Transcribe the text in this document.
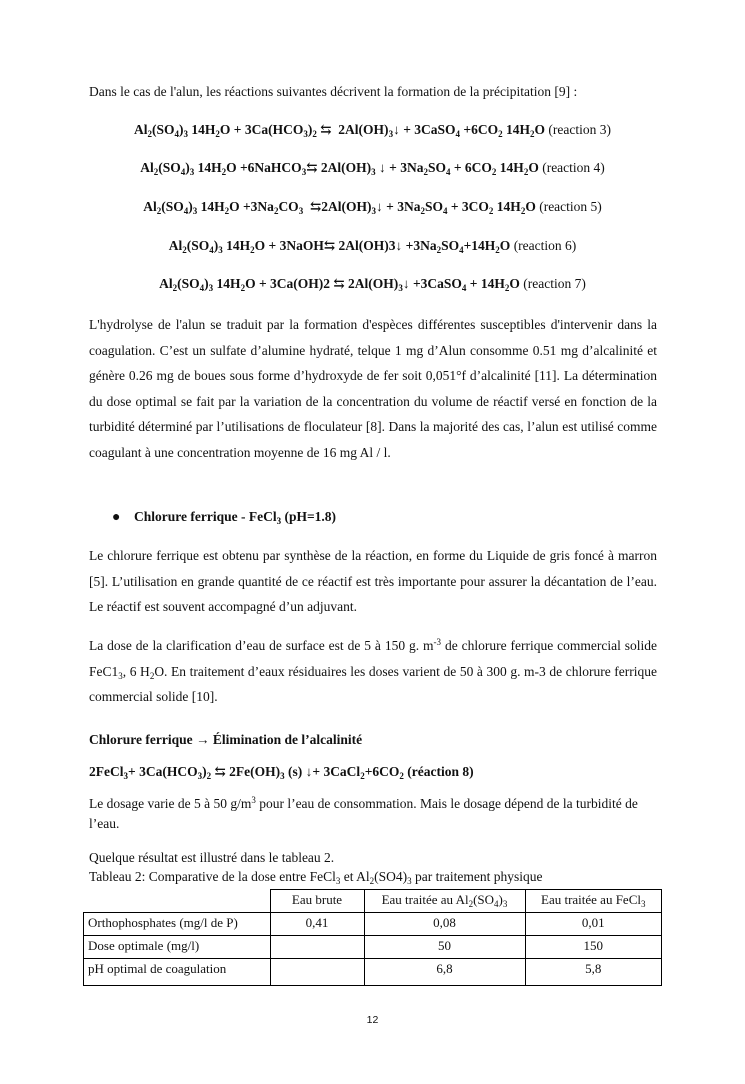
Dans le cas de l'alun, les réactions suivantes décrivent la formation de la précipitation [9] :
$Al_2(SO_4)_3$ $14H_2O + 3Ca(HCO_3)_2$ ⇆  $2Al(OH)_3↓$ + 3CaSO$_4$ $+6CO_2$ $14H_2O$ (reaction 3)
$Al_2(SO_4)_3$ $14H_2O$ +6NaHCO$_3$⇆ $2Al(OH)_3$ ↓ + $3Na_2SO_4 + 6CO_2$ $14H_2O$ (reaction 4)
$Al_2(SO_4)_3$ $14H_2O +3Na_2CO_3$  $⇆2Al(OH)_3↓ + 3Na_2SO_4 + 3CO_2$ $14H_2O$ (reaction 5)
$Al_2(SO_4)_3$ $14H_2O$ + 3NaOH⇆ 2Al(OH)3↓ $+3Na_2SO_4+14H_2O$ (reaction 6)
$Al_2(SO_4)_3$ $14H_2O + 3Ca(OH)2$ ⇆ $2Al(OH)_3↓$ +3CaSO$_4$ + $14H_2O$ (reaction 7)
L'hydrolyse de l'alun se traduit par la formation d'espèces différentes susceptibles d'intervenir dans la coagulation. C’est un sulfate d’alumine hydraté, telque 1 mg d’Alun consomme 0.51 mg d’alcalinité et génère 0.26 mg de boues sous forme d’hydroxyde de fer soit 0,051°f d’alcalinité [11]. La détermination du dose optimal se fait par la variation de la concentration du volume de réactif versé en fonction de la turbidité déterminé par l’utilisations de floculateur [8]. Dans la majorité des cas, l’alun est utilisé comme coagulant à une concentration moyenne de 16 mg Al / l.
● Chlorure ferrique - FeCl$_3$ (pH=1.8)
Le chlorure ferrique est obtenu par synthèse de la réaction, en forme du Liquide de gris foncé à marron [5]. L’utilisation en grande quantité de ce réactif est très importante pour assurer la décantation de l’eau. Le réactif est souvent accompagné d’un adjuvant.
La dose de la clarification d’eau de surface est de 5 à 150 g. $m^{-3}$ de chlorure ferrique commercial solide $FeC1_3$, 6 $H_2O$. En traitement d’eaux résiduaires les doses varient de 50 à 300 g. m-3 de chlorure ferrique commercial solide [10].
Chlorure ferrique → Élimination de l’alcalinité
2FeCl$_3$+ $3Ca(HCO_3)_2$ ⇆ $2Fe(OH)_3$ (s) ↓+ $3CaCl_2+6CO_2$ (réaction 8)
Le dosage varie de 5 à 50 $g/m^3$ pour l’eau de consommation. Mais le dosage dépend de la turbidité de l’eau.
Quelque résultat est illustré dans le tableau 2.
Tableau 2: Comparative de la dose entre FeCl$_3$ et $Al_2(SO4)_3$ par traitement physique
	Eau brute	Eau traitée au $Al_2(SO_4)_3$	Eau traitée au FeCl$_3$
Orthophosphates (mg/l de P)	0,41	0,08	0,01
Dose optimale (mg/l)		50	150
pH optimal de coagulation		6,8	5,8
12
